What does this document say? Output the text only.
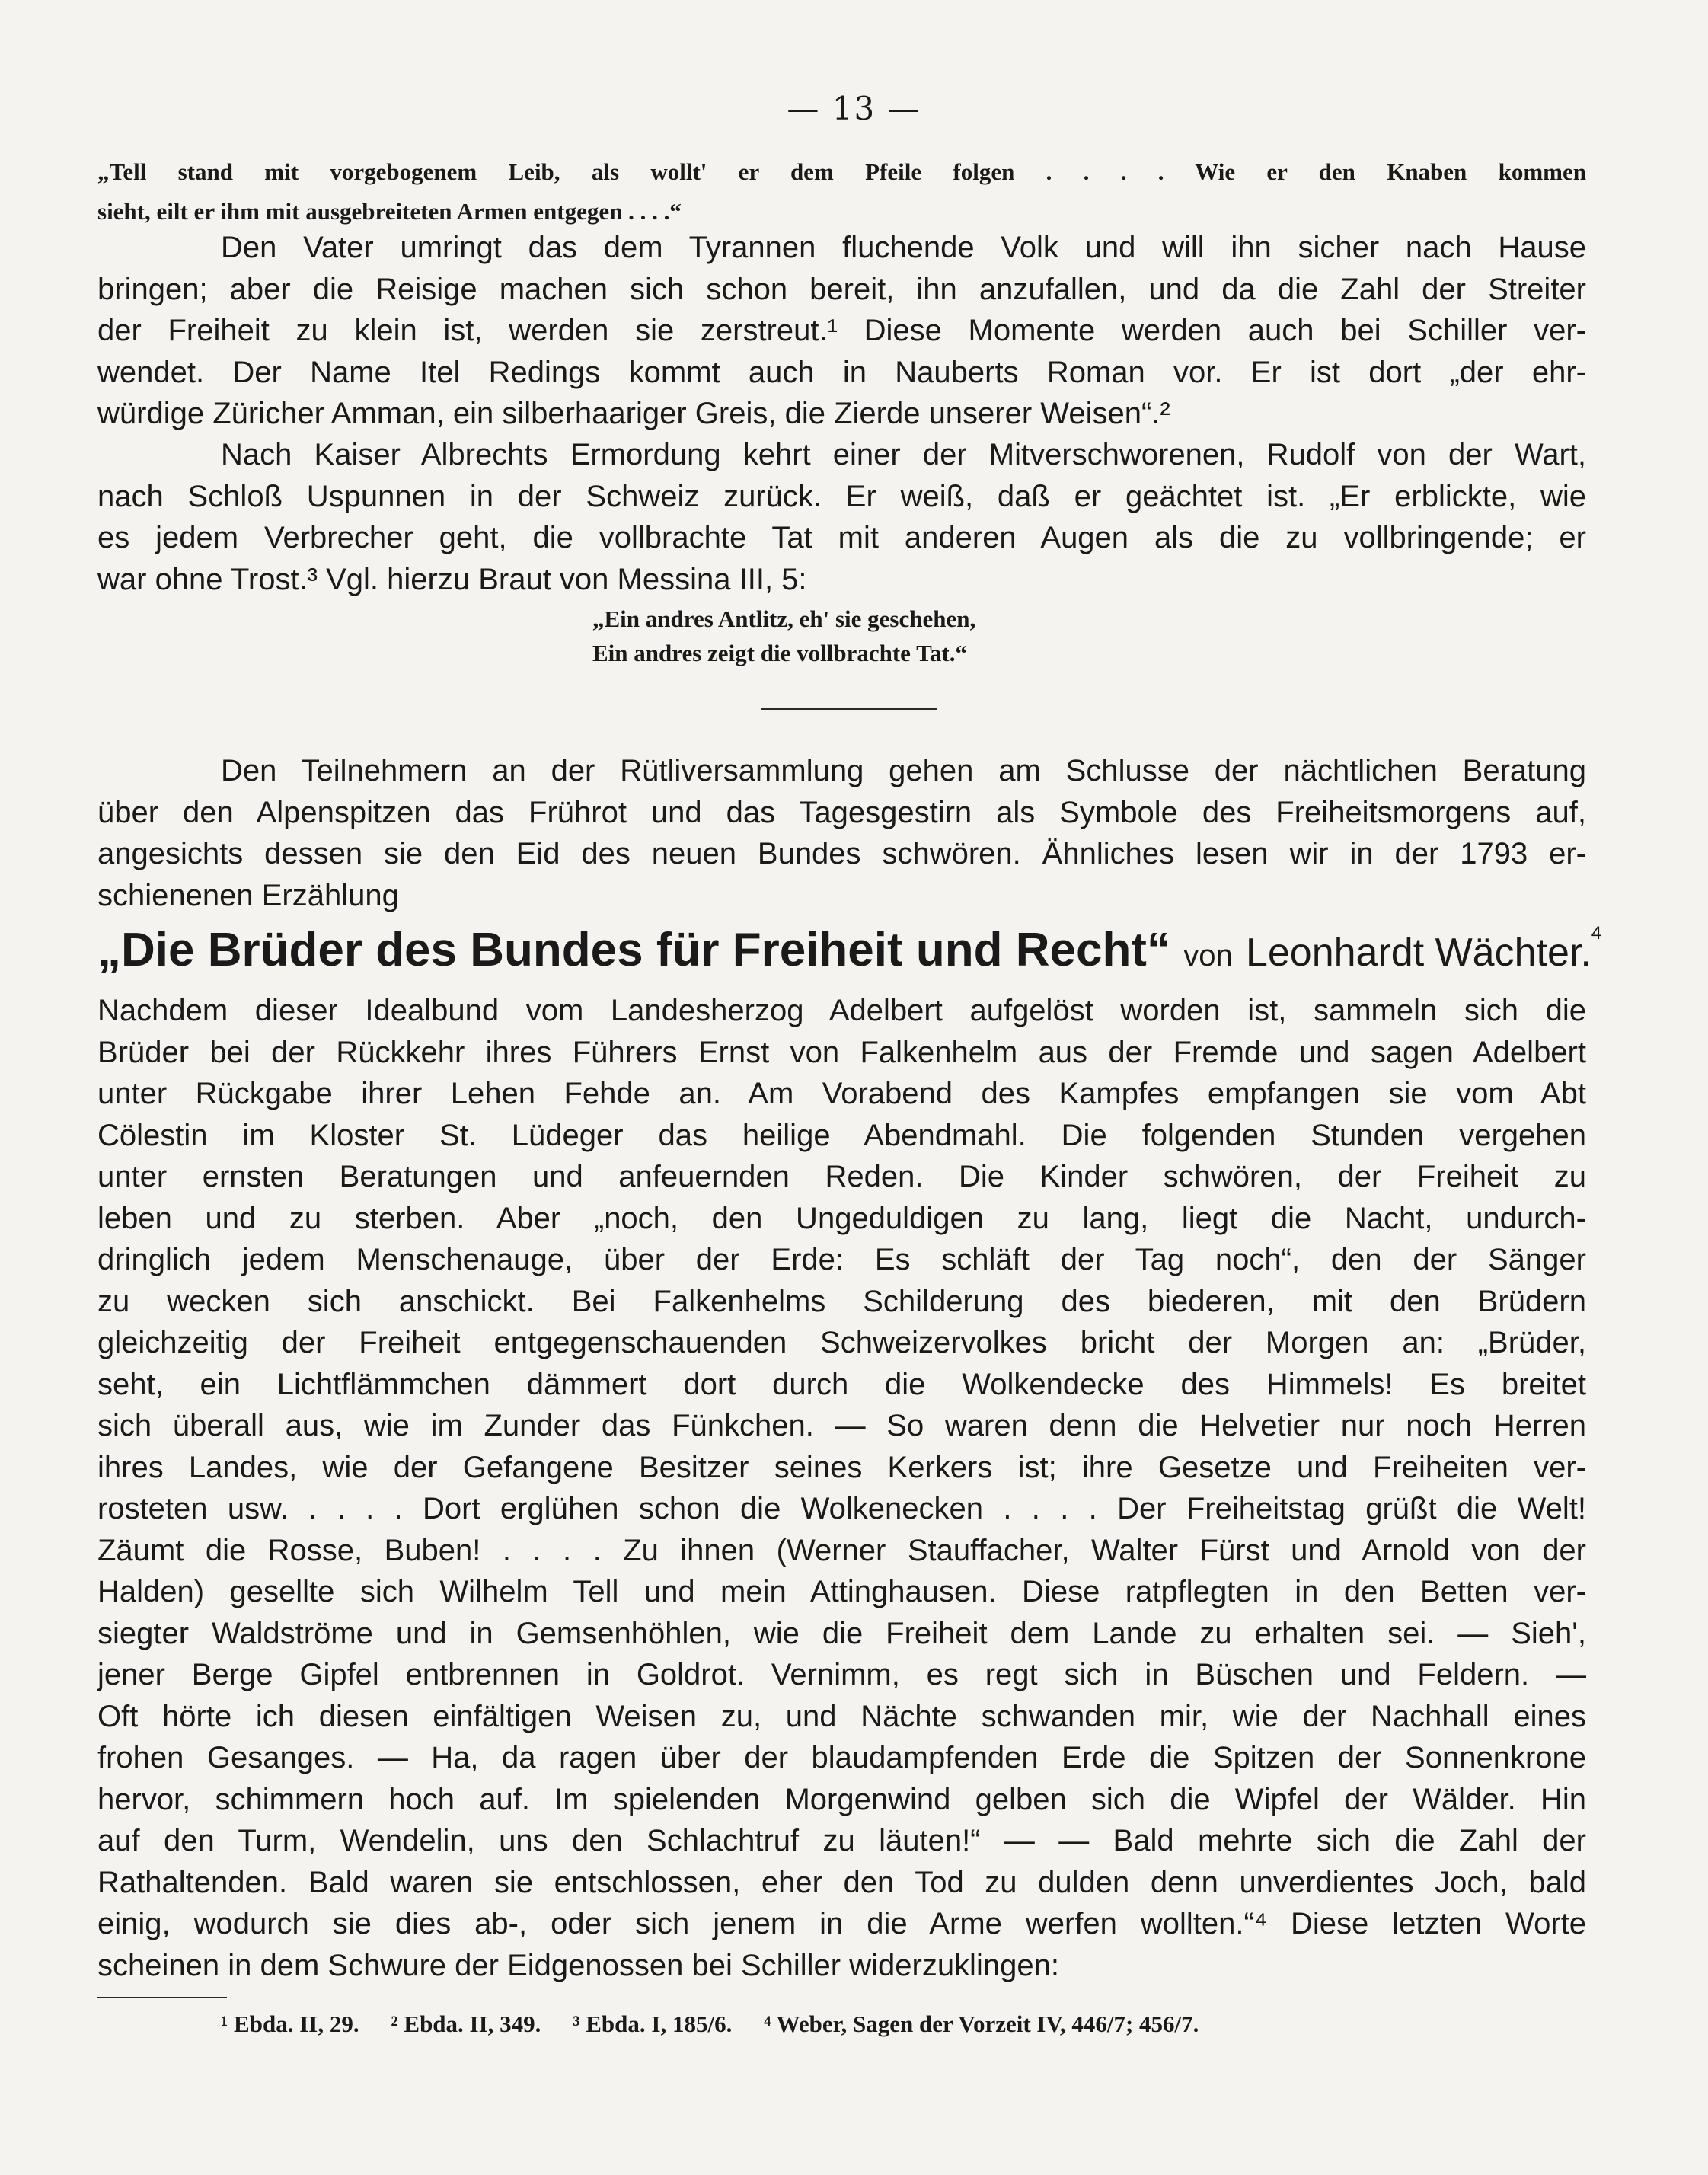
— 13 —
„Tell stand mit vorgebogenem Leib, als wollt' er dem Pfeile folgen . . . . Wie er den Knaben kommen
sieht, eilt er ihm mit ausgebreiteten Armen entgegen . . . .“
Den Vater umringt das dem Tyrannen fluchende Volk und will ihn sicher nach Hause
bringen; aber die Reisige machen sich schon bereit, ihn anzufallen, und da die Zahl der Streiter
der Freiheit zu klein ist, werden sie zerstreut.¹ Diese Momente werden auch bei Schiller ver-
wendet. Der Name Itel Redings kommt auch in Nauberts Roman vor. Er ist dort „der ehr-
würdige Züricher Amman, ein silberhaariger Greis, die Zierde unserer Weisen“.²
Nach Kaiser Albrechts Ermordung kehrt einer der Mitverschworenen, Rudolf von der Wart,
nach Schloß Uspunnen in der Schweiz zurück. Er weiß, daß er geächtet ist. „Er erblickte, wie
es jedem Verbrecher geht, die vollbrachte Tat mit anderen Augen als die zu vollbringende; er
war ohne Trost.³ Vgl. hierzu Braut von Messina III, 5:
„Ein andres Antlitz, eh' sie geschehen,
Ein andres zeigt die vollbrachte Tat.“
Den Teilnehmern an der Rütliversammlung gehen am Schlusse der nächtlichen Beratung
über den Alpenspitzen das Frührot und das Tagesgestirn als Symbole des Freiheitsmorgens auf,
angesichts dessen sie den Eid des neuen Bundes schwören. Ähnliches lesen wir in der 1793 er-
schienenen Erzählung
„Die Brüder des Bundes für Freiheit und Recht“ von Leonhardt Wächter.$^4$
Nachdem dieser Idealbund vom Landesherzog Adelbert aufgelöst worden ist, sammeln sich die
Brüder bei der Rückkehr ihres Führers Ernst von Falkenhelm aus der Fremde und sagen Adelbert
unter Rückgabe ihrer Lehen Fehde an. Am Vorabend des Kampfes empfangen sie vom Abt
Cölestin im Kloster St. Lüdeger das heilige Abendmahl. Die folgenden Stunden vergehen
unter ernsten Beratungen und anfeuernden Reden. Die Kinder schwören, der Freiheit zu
leben und zu sterben. Aber „noch, den Ungeduldigen zu lang, liegt die Nacht, undurch-
dringlich jedem Menschenauge, über der Erde: Es schläft der Tag noch“, den der Sänger
zu wecken sich anschickt. Bei Falkenhelms Schilderung des biederen, mit den Brüdern
gleichzeitig der Freiheit entgegenschauenden Schweizervolkes bricht der Morgen an: „Brüder,
seht, ein Lichtflämmchen dämmert dort durch die Wolkendecke des Himmels! Es breitet
sich überall aus, wie im Zunder das Fünkchen. — So waren denn die Helvetier nur noch Herren
ihres Landes, wie der Gefangene Besitzer seines Kerkers ist; ihre Gesetze und Freiheiten ver-
rosteten usw. . . . . Dort erglühen schon die Wolkenecken . . . . Der Freiheitstag grüßt die Welt!
Zäumt die Rosse, Buben! . . . . Zu ihnen (Werner Stauffacher, Walter Fürst und Arnold von der
Halden) gesellte sich Wilhelm Tell und mein Attinghausen. Diese ratpflegten in den Betten ver-
siegter Waldströme und in Gemsenhöhlen, wie die Freiheit dem Lande zu erhalten sei. — Sieh',
jener Berge Gipfel entbrennen in Goldrot. Vernimm, es regt sich in Büschen und Feldern. —
Oft hörte ich diesen einfältigen Weisen zu, und Nächte schwanden mir, wie der Nachhall eines
frohen Gesanges. — Ha, da ragen über der blaudampfenden Erde die Spitzen der Sonnenkrone
hervor, schimmern hoch auf. Im spielenden Morgenwind gelben sich die Wipfel der Wälder. Hin
auf den Turm, Wendelin, uns den Schlachtruf zu läuten!“ — — Bald mehrte sich die Zahl der
Rathaltenden. Bald waren sie entschlossen, eher den Tod zu dulden denn unverdientes Joch, bald
einig, wodurch sie dies ab-, oder sich jenem in die Arme werfen wollten.“⁴ Diese letzten Worte
scheinen in dem Schwure der Eidgenossen bei Schiller widerzuklingen:
¹ Ebda. II, 29. ² Ebda. II, 349. ³ Ebda. I, 185/6. ⁴ Weber, Sagen der Vorzeit IV, 446/7; 456/7.
